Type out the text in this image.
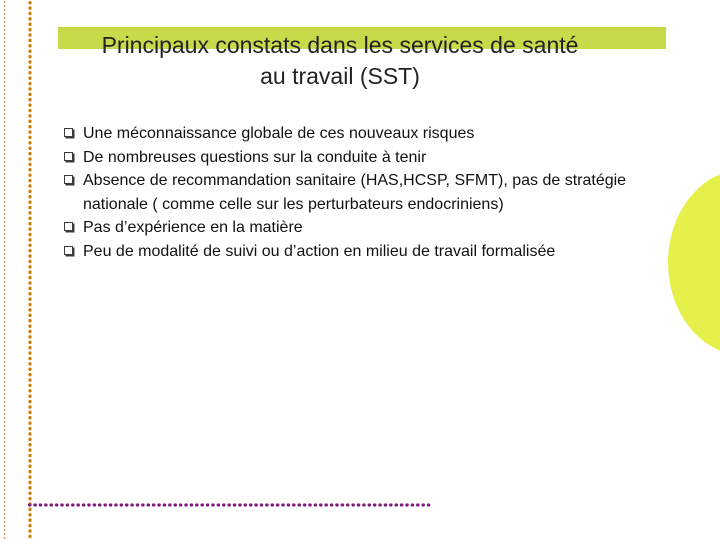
Principaux constats dans les services de santé
au travail (SST)
Une méconnaissance globale de ces nouveaux risques
De nombreuses questions sur la conduite à tenir
Absence de recommandation sanitaire (HAS,HCSP, SFMT), pas de stratégie nationale ( comme celle sur les perturbateurs endocriniens)
Pas d’expérience en la matière
Peu de modalité de suivi ou d’action en milieu de travail formalisée
